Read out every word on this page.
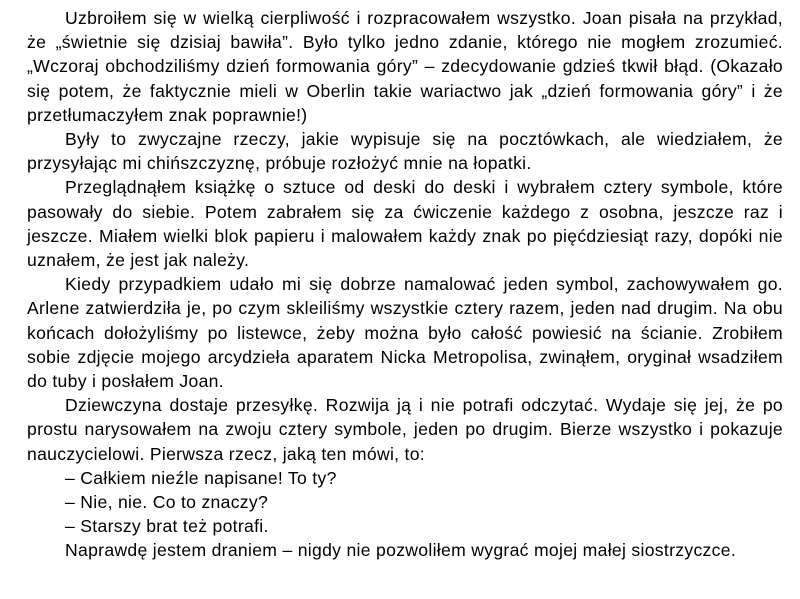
Uzbroiłem się w wielką cierpliwość i rozpracowałem wszystko. Joan pisała na przykład, że „świetnie się dzisiaj bawiła”. Było tylko jedno zdanie, którego nie mogłem zrozumieć. „Wczoraj obchodziliśmy dzień formowania góry” – zdecydowanie gdzieś tkwił błąd. (Okazało się potem, że faktycznie mieli w Oberlin takie wariactwo jak „dzień formowania góry” i że przetłumaczyłem znak poprawnie!)

Były to zwyczajne rzeczy, jakie wypisuje się na pocztówkach, ale wiedziałem, że przysyłając mi chińszczyznę, próbuje rozłożyć mnie na łopatki.

Przeglądnąłem książkę o sztuce od deski do deski i wybrałem cztery symbole, które pasowały do siebie. Potem zabrałem się za ćwiczenie każdego z osobna, jeszcze raz i jeszcze. Miałem wielki blok papieru i malowałem każdy znak po pięćdziesiąt razy, dopóki nie uznałem, że jest jak należy.

Kiedy przypadkiem udało mi się dobrze namalować jeden symbol, zachowywałem go. Arlene zatwierdziła je, po czym skleiliśmy wszystkie cztery razem, jeden nad drugim. Na obu końcach dołożyliśmy po listewce, żeby można było całość powiesić na ścianie. Zrobiłem sobie zdjęcie mojego arcydzieła aparatem Nicka Metropolisa, zwinąłem, oryginał wsadziłem do tuby i posłałem Joan.

Dziewczyna dostaje przesyłkę. Rozwija ją i nie potrafi odczytać. Wydaje się jej, że po prostu narysowałem na zwoju cztery symbole, jeden po drugim. Bierze wszystko i pokazuje nauczycielowi. Pierwsza rzecz, jaką ten mówi, to:

– Całkiem nieźle napisane! To ty?

– Nie, nie. Co to znaczy?

– Starszy brat też potrafi.

Naprawdę jestem draniem – nigdy nie pozwoliłem wygrać mojej małej siostrzyczce.
